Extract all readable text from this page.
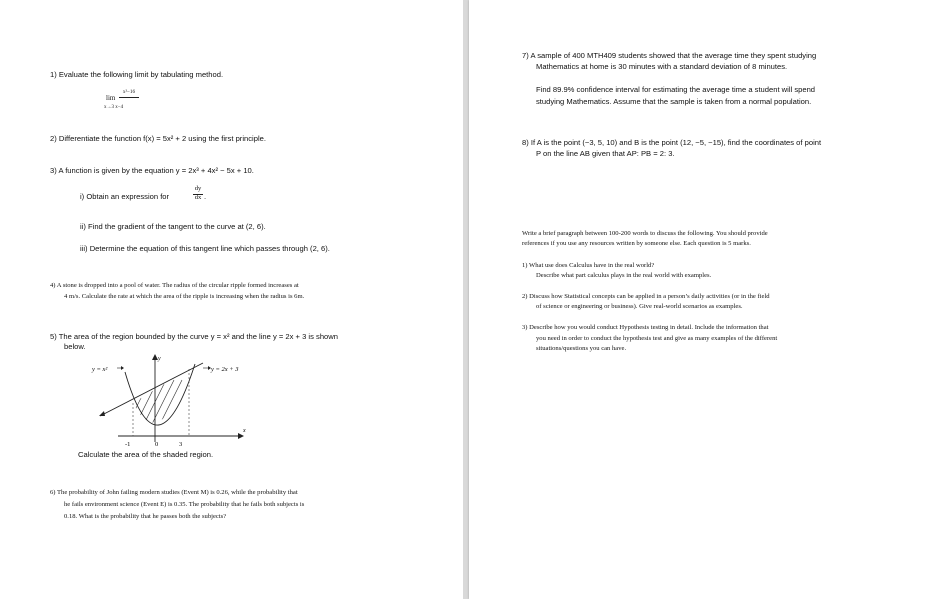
1) Evaluate the following limit by tabulating method.
lim
x→3 x−4
x²−16
2) Differentiate the function f(x) = 5x² + 2 using the first principle.
3) A function is given by the equation y = 2x³ + 4x² − 5x + 10.
i) Obtain an expression for
dy
dx .
ii) Find the gradient of the tangent to the curve at (2, 6).
iii) Determine the equation of this tangent line which passes through (2, 6).
4) A stone is dropped into a pool of water. The radius of the circular ripple formed increases at
4 m/s. Calculate the rate at which the area of the ripple is increasing when the radius is 6m.
5) The area of the region bounded by the curve y = x² and the line y = 2x + 3 is shown
below.
y = x²	y = 2x + 3
y
x
-1	0	3
Calculate the area of the shaded region.
6) The probability of John failing modern studies (Event M) is 0.26, while the probability that
he fails environment science (Event E) is 0.35. The probability that he fails both subjects is
0.18. What is the probability that he passes both the subjects?
7) A sample of 400 MTH409 students showed that the average time they spent studying
Mathematics at home is 30 minutes with a standard deviation of 8 minutes.
Find 89.9% confidence interval for estimating the average time a student will spend
studying Mathematics. Assume that the sample is taken from a normal population.
8) If A is the point (−3, 5, 10) and B is the point (12, −5, −15), find the coordinates of point
P on the line AB given that AP: PB = 2: 3.
Write a brief paragraph between 100-200 words to discuss the following. You should provide
references if you use any resources written by someone else. Each question is 5 marks.
1) What use does Calculus have in the real world?
Describe what part calculus plays in the real world with examples.
2) Discuss how Statistical concepts can be applied in a person’s daily activities (or in the field
of science or engineering or business). Give real-world scenarios as examples.
3) Describe how you would conduct Hypothesis testing in detail. Include the information that
you need in order to conduct the hypothesis test and give as many examples of the different
situations/questions you can have.
